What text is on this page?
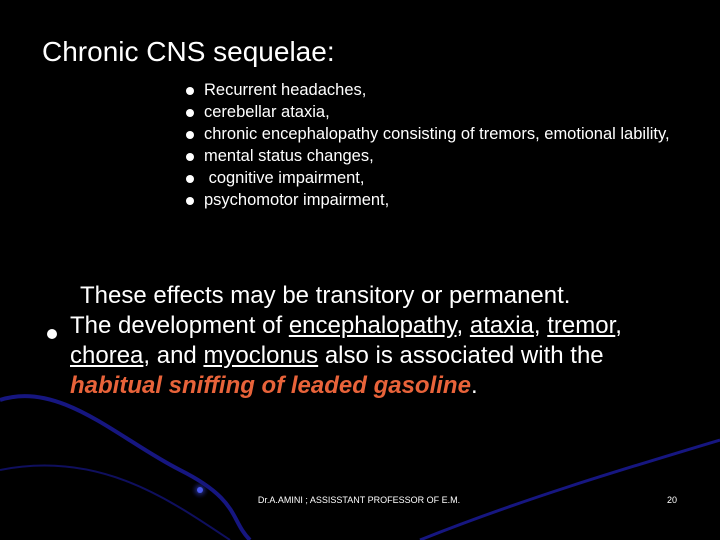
Chronic CNS sequelae:
Recurrent headaches,
cerebellar ataxia,
chronic encephalopathy consisting of tremors, emotional lability,
mental status changes,
cognitive impairment,
psychomotor impairment,
These effects may be transitory or permanent.
The development of encephalopathy, ataxia, tremor, chorea, and myoclonus also is associated with the habitual sniffing of leaded gasoline.
Dr.A.AMINI ; ASSISSTANT PROFESSOR OF E.M.	20
